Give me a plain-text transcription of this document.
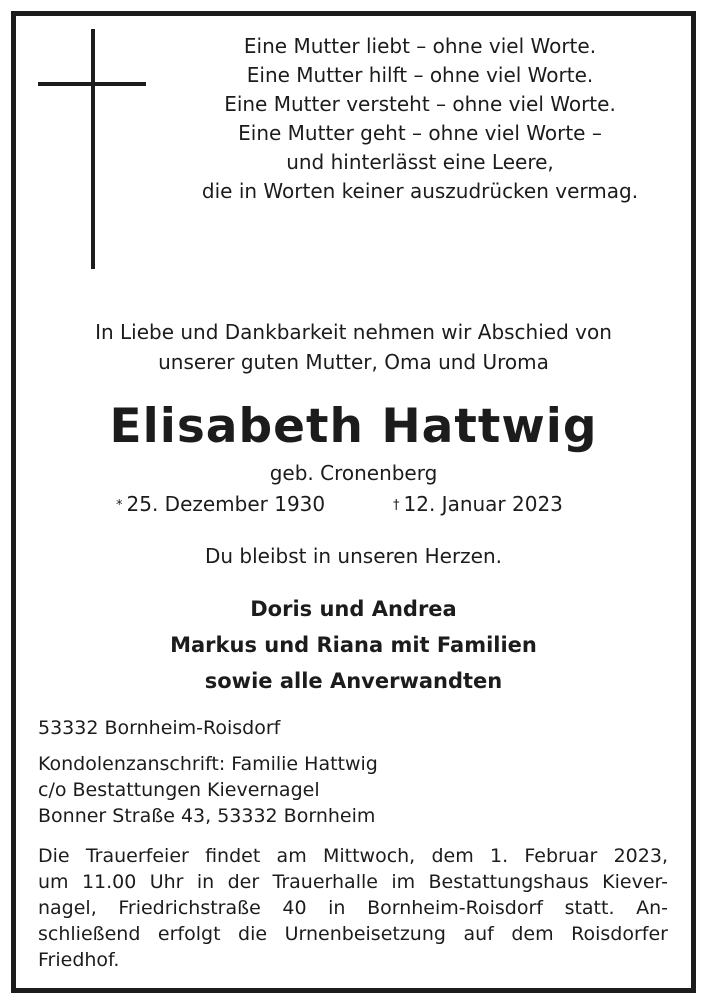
Eine Mutter liebt – ohne viel Worte.
Eine Mutter hilft – ohne viel Worte.
Eine Mutter versteht – ohne viel Worte.
Eine Mutter geht – ohne viel Worte –
und hinterlässt eine Leere,
die in Worten keiner auszudrücken vermag.
In Liebe und Dankbarkeit nehmen wir Abschied von
unserer guten Mutter, Oma und Uroma
Elisabeth Hattwig
geb. Cronenberg
* 25. Dezember 1930	† 12. Januar 2023
Du bleibst in unseren Herzen.
Doris und Andrea
Markus und Riana mit Familien
sowie alle Anverwandten
53332 Bornheim-Roisdorf
Kondolenzanschrift: Familie Hattwig
c/o Bestattungen Kievernagel
Bonner Straße 43, 53332 Bornheim
Die Trauerfeier findet am Mittwoch, dem 1. Februar 2023,
um 11.00 Uhr in der Trauerhalle im Bestattungshaus Kiever-
nagel, Friedrichstraße 40 in Bornheim-Roisdorf statt. An-
schließend erfolgt die Urnenbeisetzung auf dem Roisdorfer
Friedhof.
